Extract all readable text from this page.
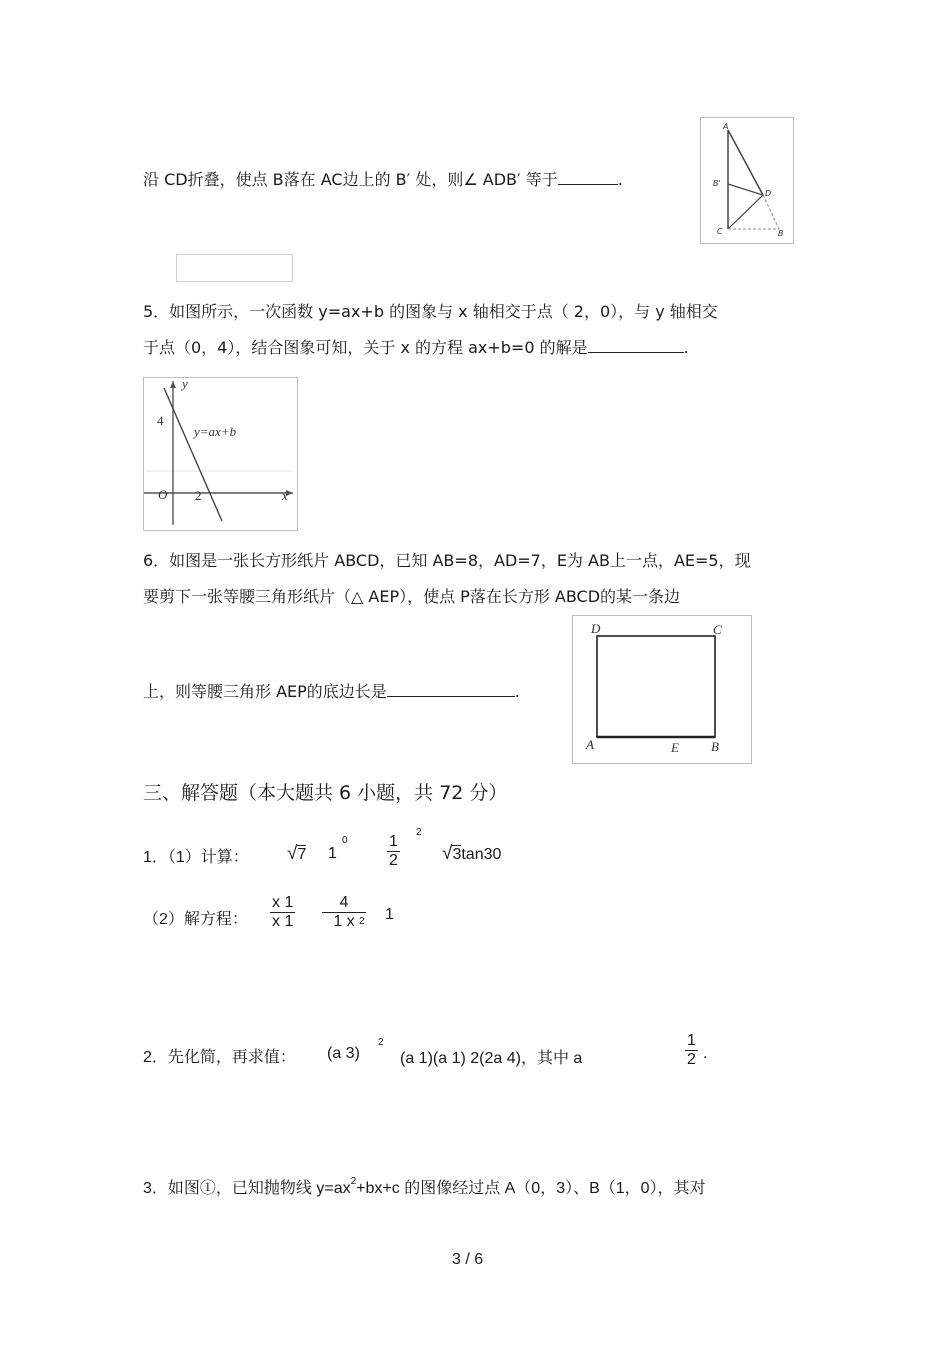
沿 CD折叠，使点 B落在 AC边上的 B′ 处，则∠ ADB′ 等于	.
A
B'
D
C	B
5．如图所示，一次函数 y=ax+b 的图象与 x 轴相交于点（ 2，0），与 y 轴相交
于点（0，4），结合图象可知，关于 x 的方程 ax+b=0 的解是	.
y
x
O
4
2
y=ax+b
6．如图是一张长方形纸片 ABCD，已知 AB=8，AD=7，E为 AB上一点，AE=5，现
要剪下一张等腰三角形纸片（△ AEP），使点 P落在长方形 ABCD的某一条边
上，则等腰三角形 AEP的底边长是	.
D	C
A	E B
三、解答题（本大题共 6 小题，共 72 分）
1．（1）计算： √7 1
$0 \frac{1}{2}$
2
√3tan30
（2）解方程： $\frac{x 1}{x 1} \frac{4}{1 x}$
2 1
2．先化简，再求值： (a 3)
2
(a 1)(a 1) 2(2a 4)，其中 a	$\frac{1}{2}$ .
3．如图①，已知抛物线 $y=ax^2+bx+c$ 的图像经过点 A（0，3）、B（1，0），其对
3 / 6
